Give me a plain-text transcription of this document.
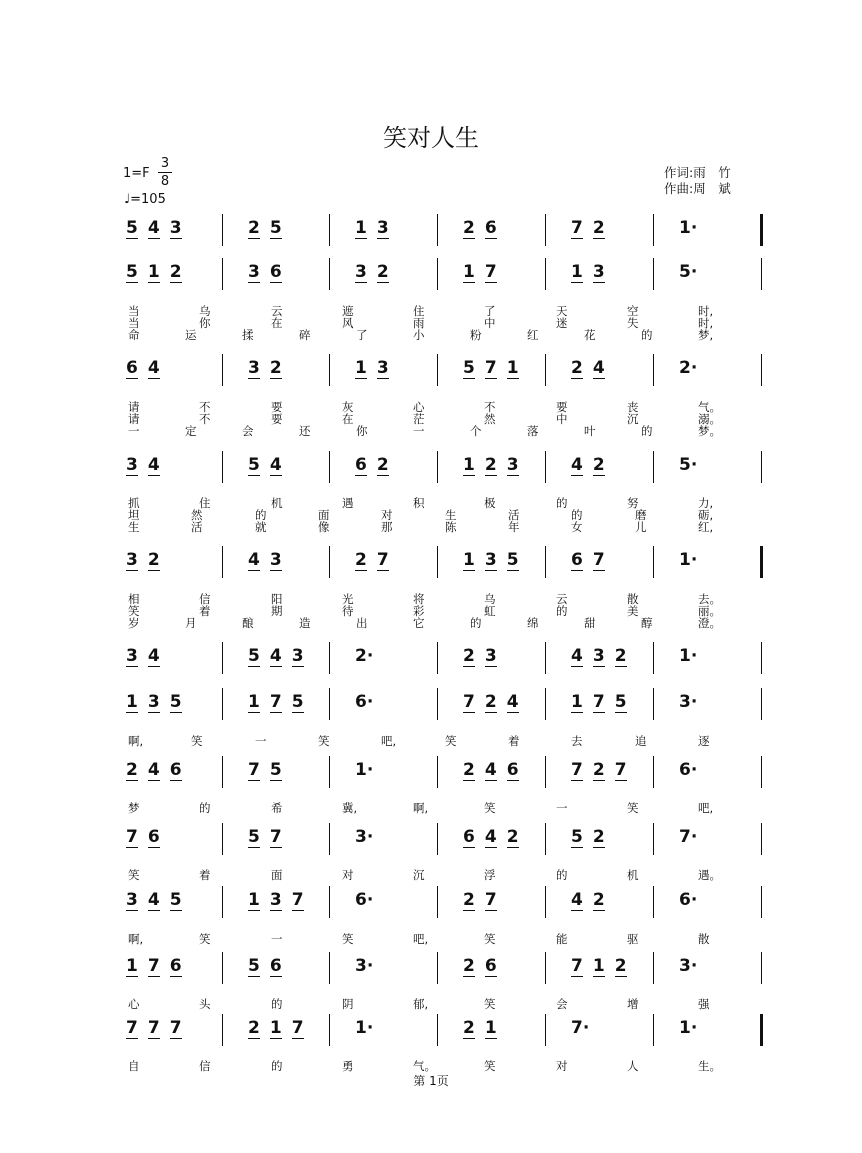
笑对人生
$1=F \frac{3}{8}$
♩=105
作词:雨　竹
作曲:周　斌
5 4 3	2 5	1 3	2 6	7 2	1·
5 1 2	3 6	3 2	1 7	1 3	5·
6 4	3 2	1 3	5 7 1	2 4	2·
3 4	5 4	6 2	1 2 3	4 2	5·
3 2	4 3	2 7	1 3 5	6 7	1·
3 4	5 4 3	2·	2 3	4 3 2	1·
1 3 5	1 7 5	6·	7 2 4	1 7 5	3·
2 4 6	7 5	1·	2 4 6	7 2 7	6·
7 6	5 7	3·	6 4 2	5 2	7·
3 4 5	1 3 7	6·	2 7	4 2	6·
1 7 6	5 6	3·	2 6	7 1 2	3·
7 7 7	2 1 7	1·	2 1	7·	1·
当	乌	云	遮	住	了	天	空	时,
当	你	在	风	雨	中	迷	失	时,
命	运	揉	碎	了	小	粉	红	花	的	梦,
请	不	要	灰	心	不	要	丧	气。
请	不	要	在	茫	然	中	沉	溺。
一	定	会	还	你	一	个	落	叶	的	梦。
抓	住	机	遇	积	极	的	努	力,
坦	然	的	面	对	生	活	的	磨	砺,
生	活	就	像	那	陈	年	女	儿	红,
相	信	阳	光	将	乌	云	散	去。
笑	着	期	待	彩	虹	的	美	丽。
岁	月	酿	造	出	它	的	绵	甜	醇	澄。
啊,	笑	一	笑	吧,	笑	着	去	追	逐
梦	的	希	冀,	啊,	笑	一	笑	吧,
笑	着	面	对	沉	浮	的	机	遇。
啊,	笑	一	笑	吧,	笑	能	驱	散
心	头	的	阴	郁,	笑	会	增	强
自	信	的	勇	气。	笑	对	人	生。
第 1页
